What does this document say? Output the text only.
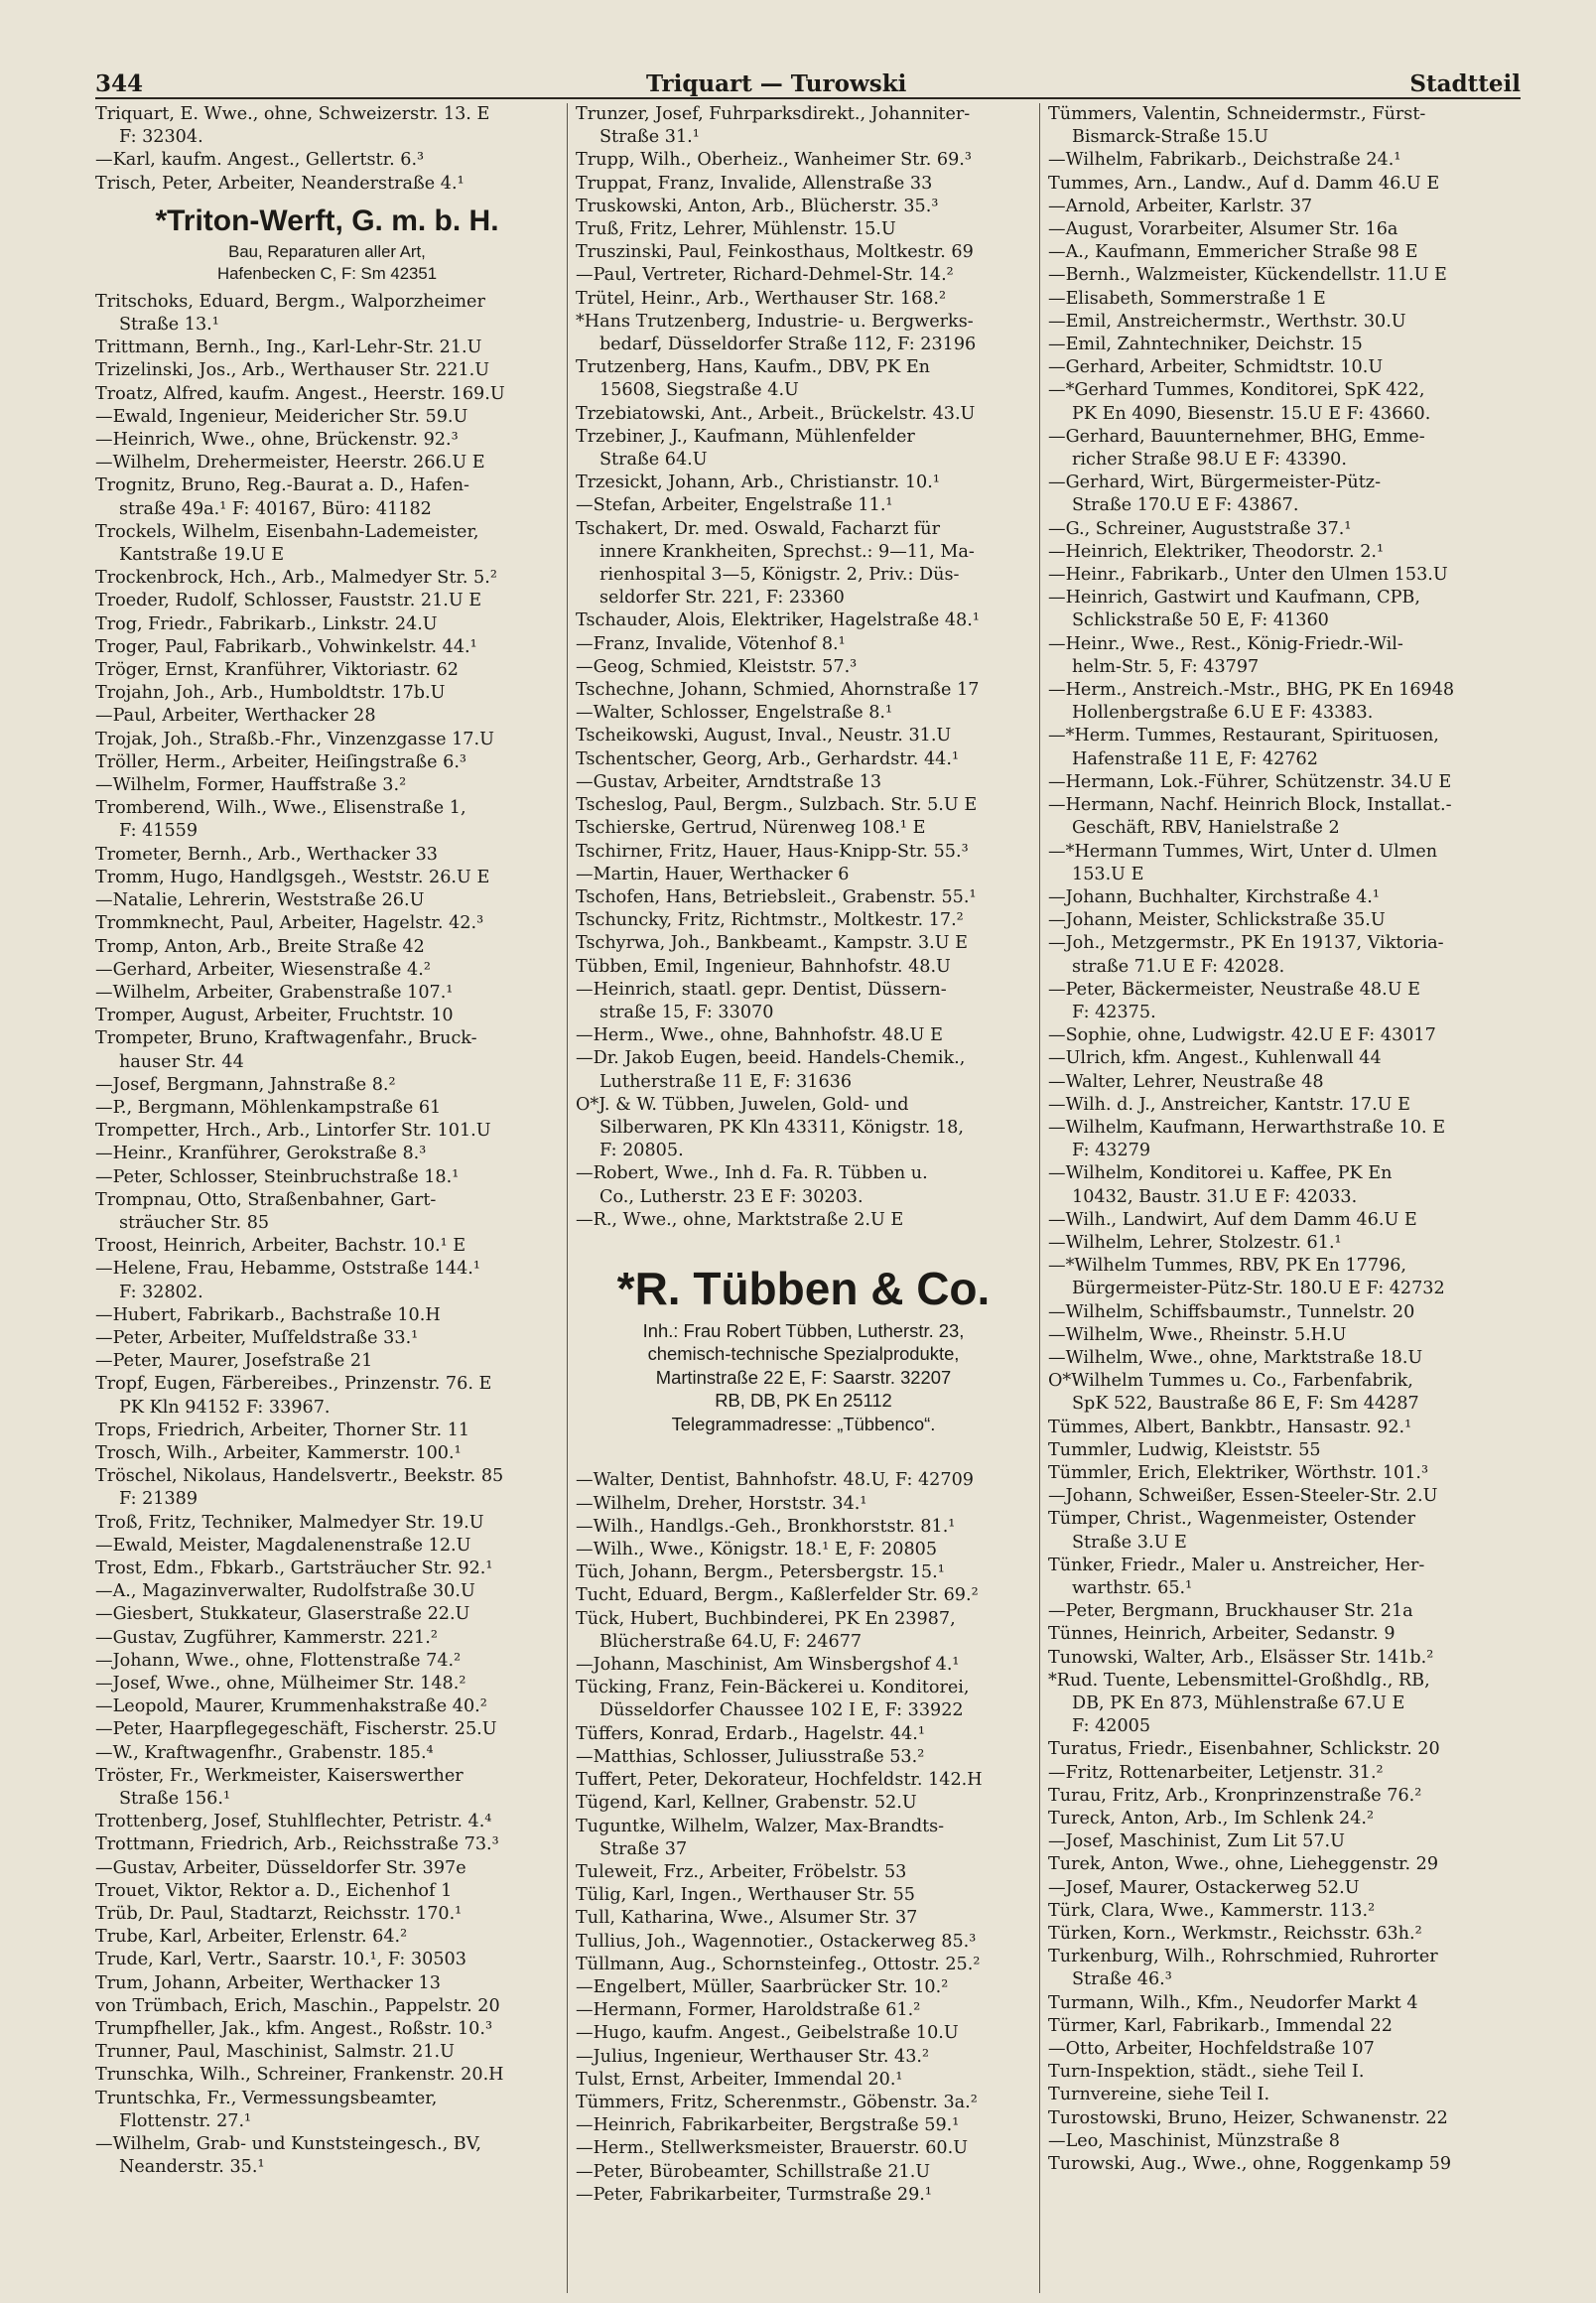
344	Triquart — Turowski	Stadtteil
Triquart, E. Wwe., ohne, Schweizerstr. 13. E
F: 32304.
—Karl, kaufm. Angest., Gellertstr. 6.³
Trisch, Peter, Arbeiter, Neanderstraße 4.¹
*Triton-Werft, G. m. b. H.
Bau, Reparaturen aller Art,
Hafenbecken C, F: Sm 42351
Tritschoks, Eduard, Bergm., Walporzheimer
Straße 13.¹
Trittmann, Bernh., Ing., Karl-Lehr-Str. 21.U
Trizelinski, Jos., Arb., Werthauser Str. 221.U
Troatz, Alfred, kaufm. Angest., Heerstr. 169.U
—Ewald, Ingenieur, Meidericher Str. 59.U
—Heinrich, Wwe., ohne, Brückenstr. 92.³
—Wilhelm, Drehermeister, Heerstr. 266.U E
Trognitz, Bruno, Reg.-Baurat a. D., Hafen-
straße 49a.¹ F: 40167, Büro: 41182
Trockels, Wilhelm, Eisenbahn-Lademeister,
Kantstraße 19.U E
Trockenbrock, Hch., Arb., Malmedyer Str. 5.²
Troeder, Rudolf, Schlosser, Fauststr. 21.U E
Trog, Friedr., Fabrikarb., Linkstr. 24.U
Troger, Paul, Fabrikarb., Vohwinkelstr. 44.¹
Tröger, Ernst, Kranführer, Viktoriastr. 62
Trojahn, Joh., Arb., Humboldtstr. 17b.U
—Paul, Arbeiter, Werthacker 28
Trojak, Joh., Straßb.-Fhr., Vinzenzgasse 17.U
Tröller, Herm., Arbeiter, Heiſingstraße 6.³
—Wilhelm, Former, Hauffstraße 3.²
Tromberend, Wilh., Wwe., Elisenstraße 1,
F: 41559
Trometer, Bernh., Arb., Werthacker 33
Tromm, Hugo, Handlgsgeh., Weststr. 26.U E
—Natalie, Lehrerin, Weststraße 26.U
Trommknecht, Paul, Arbeiter, Hagelstr. 42.³
Tromp, Anton, Arb., Breite Straße 42
—Gerhard, Arbeiter, Wiesenstraße 4.²
—Wilhelm, Arbeiter, Grabenstraße 107.¹
Tromper, August, Arbeiter, Fruchtstr. 10
Trompeter, Bruno, Kraftwagenfahr., Bruck-
hauser Str. 44
—Josef, Bergmann, Jahnstraße 8.²
—P., Bergmann, Möhlenkampstraße 61
Trompetter, Hrch., Arb., Lintorfer Str. 101.U
—Heinr., Kranführer, Gerokstraße 8.³
—Peter, Schlosser, Steinbruchstraße 18.¹
Trompnau, Otto, Straßenbahner, Gart-
sträucher Str. 85
Troost, Heinrich, Arbeiter, Bachstr. 10.¹ E
—Helene, Frau, Hebamme, Oststraße 144.¹
F: 32802.
—Hubert, Fabrikarb., Bachstraße 10.H
—Peter, Arbeiter, Muſfeldstraße 33.¹
—Peter, Maurer, Josefstraße 21
Tropf, Eugen, Färbereibes., Prinzenstr. 76. E
PK Kln 94152 F: 33967.
Trops, Friedrich, Arbeiter, Thorner Str. 11
Trosch, Wilh., Arbeiter, Kammerstr. 100.¹
Tröschel, Nikolaus, Handelsvertr., Beekstr. 85
F: 21389
Troß, Fritz, Techniker, Malmedyer Str. 19.U
—Ewald, Meister, Magdalenenstraße 12.U
Trost, Edm., Fbkarb., Gartsträucher Str. 92.¹
—A., Magazinverwalter, Rudolfstraße 30.U
—Giesbert, Stukkateur, Glaserstraße 22.U
—Gustav, Zugführer, Kammerstr. 221.²
—Johann, Wwe., ohne, Flottenstraße 74.²
—Josef, Wwe., ohne, Mülheimer Str. 148.²
—Leopold, Maurer, Krummenhakstraße 40.²
—Peter, Haarpflegegeschäft, Fischerstr. 25.U
—W., Kraftwagenfhr., Grabenstr. 185.⁴
Tröster, Fr., Werkmeister, Kaiserswerther
Straße 156.¹
Trottenberg, Josef, Stuhlflechter, Petristr. 4.⁴
Trottmann, Friedrich, Arb., Reichsstraße 73.³
—Gustav, Arbeiter, Düsseldorfer Str. 397e
Trouet, Viktor, Rektor a. D., Eichenhof 1
Trüb, Dr. Paul, Stadtarzt, Reichsstr. 170.¹
Trube, Karl, Arbeiter, Erlenstr. 64.²
Trude, Karl, Vertr., Saarstr. 10.¹, F: 30503
Trum, Johann, Arbeiter, Werthacker 13
von Trümbach, Erich, Maschin., Pappelstr. 20
Trumpfheller, Jak., kfm. Angest., Roßstr. 10.³
Trunner, Paul, Maschinist, Salmstr. 21.U
Trunschka, Wilh., Schreiner, Frankenstr. 20.H
Truntschka, Fr., Vermessungsbeamter,
Flottenstr. 27.¹
—Wilhelm, Grab- und Kunststeingesch., BV,
Neanderstr. 35.¹
Trunzer, Josef, Fuhrparksdirekt., Johanniter-
Straße 31.¹
Trupp, Wilh., Oberheiz., Wanheimer Str. 69.³
Truppat, Franz, Invalide, Allenstraße 33
Truskowski, Anton, Arb., Blücherstr. 35.³
Truß, Fritz, Lehrer, Mühlenstr. 15.U
Truszinski, Paul, Feinkosthaus, Moltkestr. 69
—Paul, Vertreter, Richard-Dehmel-Str. 14.²
Trütel, Heinr., Arb., Werthauser Str. 168.²
*Hans Trutzenberg, Industrie- u. Bergwerks-
bedarf, Düsseldorfer Straße 112, F: 23196
Trutzenberg, Hans, Kaufm., DBV, PK En
15608, Siegstraße 4.U
Trzebiatowski, Ant., Arbeit., Brückelstr. 43.U
Trzebiner, J., Kaufmann, Mühlenfelder
Straße 64.U
Trzesickt, Johann, Arb., Christianstr. 10.¹
—Stefan, Arbeiter, Engelstraße 11.¹
Tschakert, Dr. med. Oswald, Facharzt für
innere Krankheiten, Sprechst.: 9—11, Ma-
rienhospital 3—5, Königstr. 2, Priv.: Düs-
seldorfer Str. 221, F: 23360
Tschauder, Alois, Elektriker, Hagelstraße 48.¹
—Franz, Invalide, Vötenhof 8.¹
—Geog, Schmied, Kleiststr. 57.³
Tschechne, Johann, Schmied, Ahornstraße 17
—Walter, Schlosser, Engelstraße 8.¹
Tscheikowski, August, Inval., Neustr. 31.U
Tschentscher, Georg, Arb., Gerhardstr. 44.¹
—Gustav, Arbeiter, Arndtstraße 13
Tscheslog, Paul, Bergm., Sulzbach. Str. 5.U E
Tschierske, Gertrud, Nürenweg 108.¹ E
Tschirner, Fritz, Hauer, Haus-Knipp-Str. 55.³
—Martin, Hauer, Werthacker 6
Tschofen, Hans, Betriebsleit., Grabenstr. 55.¹
Tschuncky, Fritz, Richtmstr., Moltkestr. 17.²
Tschyrwa, Joh., Bankbeamt., Kampstr. 3.U E
Tübben, Emil, Ingenieur, Bahnhofstr. 48.U
—Heinrich, staatl. gepr. Dentist, Düssern-
straße 15, F: 33070
—Herm., Wwe., ohne, Bahnhofstr. 48.U E
—Dr. Jakob Eugen, beeid. Handels-Chemik.,
Lutherstraße 11 E, F: 31636
O*J. & W. Tübben, Juwelen, Gold- und
Silberwaren, PK Kln 43311, Königstr. 18,
F: 20805.
—Robert, Wwe., Inh d. Fa. R. Tübben u.
Co., Lutherstr. 23 E F: 30203.
—R., Wwe., ohne, Marktstraße 2.U E
*R. Tübben & Co.
Inh.: Frau Robert Tübben, Lutherstr. 23,
chemisch-technische Spezialprodukte,
Martinstraße 22 E, F: Saarstr. 32207
RB, DB, PK En 25112
Telegrammadresse: „Tübbenco“.
—Walter, Dentist, Bahnhofstr. 48.U, F: 42709
—Wilhelm, Dreher, Horststr. 34.¹
—Wilh., Handlgs.-Geh., Bronkhorststr. 81.¹
—Wilh., Wwe., Königstr. 18.¹ E, F: 20805
Tüch, Johann, Bergm., Petersbergstr. 15.¹
Tucht, Eduard, Bergm., Kaßlerfelder Str. 69.²
Tück, Hubert, Buchbinderei, PK En 23987,
Blücherstraße 64.U, F: 24677
—Johann, Maschinist, Am Winsbergshof 4.¹
Tücking, Franz, Fein-Bäckerei u. Konditorei,
Düsseldorfer Chaussee 102 I E, F: 33922
Tüffers, Konrad, Erdarb., Hagelstr. 44.¹
—Matthias, Schlosser, Juliusstraße 53.²
Tuffert, Peter, Dekorateur, Hochfeldstr. 142.H
Tügend, Karl, Kellner, Grabenstr. 52.U
Tuguntke, Wilhelm, Walzer, Max-Brandts-
Straße 37
Tuleweit, Frz., Arbeiter, Fröbelstr. 53
Tülig, Karl, Ingen., Werthauser Str. 55
Tull, Katharina, Wwe., Alsumer Str. 37
Tullius, Joh., Wagennotier., Ostackerweg 85.³
Tüllmann, Aug., Schornsteinfeg., Ottostr. 25.²
—Engelbert, Müller, Saarbrücker Str. 10.²
—Hermann, Former, Haroldstraße 61.²
—Hugo, kaufm. Angest., Geibelstraße 10.U
—Julius, Ingenieur, Werthauser Str. 43.²
Tulst, Ernst, Arbeiter, Immendal 20.¹
Tümmers, Fritz, Scherenmstr., Göbenstr. 3a.²
—Heinrich, Fabrikarbeiter, Bergstraße 59.¹
—Herm., Stellwerksmeister, Brauerstr. 60.U
—Peter, Bürobeamter, Schillstraße 21.U
—Peter, Fabrikarbeiter, Turmstraße 29.¹
Tümmers, Valentin, Schneidermstr., Fürst-
Bismarck-Straße 15.U
—Wilhelm, Fabrikarb., Deichstraße 24.¹
Tummes, Arn., Landw., Auf d. Damm 46.U E
—Arnold, Arbeiter, Karlstr. 37
—August, Vorarbeiter, Alsumer Str. 16a
—A., Kaufmann, Emmericher Straße 98 E
—Bernh., Walzmeister, Kückendellstr. 11.U E
—Elisabeth, Sommerstraße 1 E
—Emil, Anstreichermstr., Werthstr. 30.U
—Emil, Zahntechniker, Deichstr. 15
—Gerhard, Arbeiter, Schmidtstr. 10.U
—*Gerhard Tummes, Konditorei, SpK 422,
PK En 4090, Biesenstr. 15.U E F: 43660.
—Gerhard, Bauunternehmer, BHG, Emme-
richer Straße 98.U E F: 43390.
—Gerhard, Wirt, Bürgermeister-Pütz-
Straße 170.U E F: 43867.
—G., Schreiner, Auguststraße 37.¹
—Heinrich, Elektriker, Theodorstr. 2.¹
—Heinr., Fabrikarb., Unter den Ulmen 153.U
—Heinrich, Gastwirt und Kaufmann, CPB,
Schlickstraße 50 E, F: 41360
—Heinr., Wwe., Rest., König-Friedr.-Wil-
helm-Str. 5, F: 43797
—Herm., Anstreich.-Mstr., BHG, PK En 16948
Hollenbergstraße 6.U E F: 43383.
—*Herm. Tummes, Restaurant, Spirituosen,
Hafenstraße 11 E, F: 42762
—Hermann, Lok.-Führer, Schützenstr. 34.U E
—Hermann, Nachf. Heinrich Block, Installat.-
Geschäft, RBV, Hanielstraße 2
—*Hermann Tummes, Wirt, Unter d. Ulmen
153.U E
—Johann, Buchhalter, Kirchstraße 4.¹
—Johann, Meister, Schlickstraße 35.U
—Joh., Metzgermstr., PK En 19137, Viktoria-
straße 71.U E F: 42028.
—Peter, Bäckermeister, Neustraße 48.U E
F: 42375.
—Sophie, ohne, Ludwigstr. 42.U E F: 43017
—Ulrich, kfm. Angest., Kuhlenwall 44
—Walter, Lehrer, Neustraße 48
—Wilh. d. J., Anstreicher, Kantstr. 17.U E
—Wilhelm, Kaufmann, Herwarthstraße 10. E
F: 43279
—Wilhelm, Konditorei u. Kaffee, PK En
10432, Baustr. 31.U E F: 42033.
—Wilh., Landwirt, Auf dem Damm 46.U E
—Wilhelm, Lehrer, Stolzestr. 61.¹
—*Wilhelm Tummes, RBV, PK En 17796,
Bürgermeister-Pütz-Str. 180.U E F: 42732
—Wilhelm, Schiffsbaumstr., Tunnelstr. 20
—Wilhelm, Wwe., Rheinstr. 5.H.U
—Wilhelm, Wwe., ohne, Marktstraße 18.U
O*Wilhelm Tummes u. Co., Farbenfabrik,
SpK 522, Baustraße 86 E, F: Sm 44287
Tümmes, Albert, Bankbtr., Hansastr. 92.¹
Tummler, Ludwig, Kleiststr. 55
Tümmler, Erich, Elektriker, Wörthstr. 101.³
—Johann, Schweißer, Essen-Steeler-Str. 2.U
Tümper, Christ., Wagenmeister, Ostender
Straße 3.U E
Tünker, Friedr., Maler u. Anstreicher, Her-
warthstr. 65.¹
—Peter, Bergmann, Bruckhauser Str. 21a
Tünnes, Heinrich, Arbeiter, Sedanstr. 9
Tunowski, Walter, Arb., Elsässer Str. 141b.²
*Rud. Tuente, Lebensmittel-Großhdlg., RB,
DB, PK En 873, Mühlenstraße 67.U E
F: 42005
Turatus, Friedr., Eisenbahner, Schlickstr. 20
—Fritz, Rottenarbeiter, Letjenstr. 31.²
Turau, Fritz, Arb., Kronprinzenstraße 76.²
Tureck, Anton, Arb., Im Schlenk 24.²
—Josef, Maschinist, Zum Lit 57.U
Turek, Anton, Wwe., ohne, Lieheggenstr. 29
—Josef, Maurer, Ostackerweg 52.U
Türk, Clara, Wwe., Kammerstr. 113.²
Türken, Korn., Werkmstr., Reichsstr. 63h.²
Turkenburg, Wilh., Rohrschmied, Ruhrorter
Straße 46.³
Turmann, Wilh., Kfm., Neudorfer Markt 4
Türmer, Karl, Fabrikarb., Immendal 22
—Otto, Arbeiter, Hochfeldstraße 107
Turn-Inspektion, städt., siehe Teil I.
Turnvereine, siehe Teil I.
Turostowski, Bruno, Heizer, Schwanenstr. 22
—Leo, Maschinist, Münzstraße 8
Turowski, Aug., Wwe., ohne, Roggenkamp 59
